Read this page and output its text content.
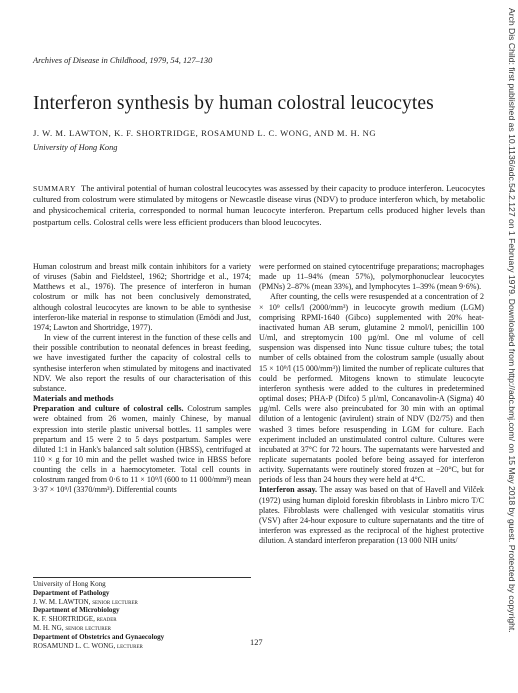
Archives of Disease in Childhood, 1979, 54, 127–130
Interferon synthesis by human colostral leucocytes
J. W. M. LAWTON, K. F. SHORTRIDGE, ROSAMUND L. C. WONG, AND M. H. NG
University of Hong Kong
SUMMARY The antiviral potential of human colostral leucocytes was assessed by their capacity to produce interferon. Leucocytes cultured from colostrum were stimulated by mitogens or Newcastle disease virus (NDV) to produce interferon which, by metabolic and physicochemical criteria, corresponded to normal human leucocyte interferon. Prepartum cells produced higher levels than postpartum cells. Colostral cells were less efficient producers than blood leucocytes.

Human colostrum and breast milk contain inhibitors for a variety of viruses (Sabin and Fieldsteel, 1962; Shortridge et al., 1974; Matthews et al., 1976). The presence of interferon in human colostrum or milk has not been conclusively demonstrated, although colostral leucocytes are known to be able to synthesise interferon-like material in response to stimulation (Emödi and Just, 1974; Lawton and Shortridge, 1977).

In view of the current interest in the function of these cells and their possible contribution to neonatal defences in breast feeding, we have investigated further the capacity of colostral cells to synthesise interferon when stimulated by mitogens and inactivated NDV. We also report the results of our characterisation of this substance.

Materials and methods

Preparation and culture of colostral cells. Colostrum samples were obtained from 26 women, mainly Chinese, by manual expression into sterile plastic universal bottles. 11 samples were prepartum and 15 were 2 to 5 days postpartum. Samples were diluted 1:1 in Hank's balanced salt solution (HBSS), centrifuged at 110 × g for 10 min and the pellet washed twice in HBSS before counting the cells in a haemocytometer. Total cell counts in colostrum ranged from 0·6 to 11 × 10⁹/l (600 to 11 000/mm³) mean 3·37 × 10⁹/l (3370/mm³). Differential counts

University of Hong Kong
Department of Pathology
J. W. M. LAWTON, senior lecturer
Department of Microbiology
K. F. SHORTRIDGE, reader
M. H. NG, senior lecturer
Department of Obstetrics and Gynaecology
ROSAMUND L. C. WONG, lecturer

were performed on stained cytocentrifuge preparations; macrophages made up 11–94% (mean 57%), polymorphonuclear leucocytes (PMNs) 2–87% (mean 33%), and lymphocytes 1–39% (mean 9·6%).

After counting, the cells were resuspended at a concentration of 2 × 10⁹ cells/l (2000/mm³) in leucocyte growth medium (LGM) comprising RPMI-1640 (Gibco) supplemented with 20% heat-inactivated human AB serum, glutamine 2 mmol/l, penicillin 100 U/ml, and streptomycin 100 µg/ml. One ml volume of cell suspension was dispensed into Nunc tissue culture tubes; the total number of cells obtained from the colostrum sample (usually about 15 × 10⁹/l (15 000/mm³)) limited the number of replicate cultures that could be performed. Mitogens known to stimulate leucocyte interferon synthesis were added to the cultures in predetermined optimal doses; PHA-P (Difco) 5 µl/ml, Concanavolin-A (Sigma) 40 µg/ml. Cells were also preincubated for 30 min with an optimal dilution of a lentogenic (avirulent) strain of NDV (D2/75) and then washed 3 times before resuspending in LGM for culture. Each experiment included an unstimulated control culture. Cultures were incubated at 37°C for 72 hours. The supernatants were harvested and replicate supernatants pooled before being assayed for interferon activity. Supernatants were routinely stored frozen at −20°C, but for periods of less than 24 hours they were held at 4°C.

Interferon assay. The assay was based on that of Havell and Vilček (1972) using human diploid foreskin fibroblasts in Linbro micro T/C plates. Fibroblasts were challenged with vesicular stomatitis virus (VSV) after 24-hour exposure to culture supernatants and the titre of interferon was expressed as the reciprocal of the highest protective dilution. A standard interferon preparation (13 000 NIH units/

127
Arch Dis Child: first published as 10.1136/adc.54.2.127 on 1 February 1979. Downloaded from http://adc.bmj.com/ on 15 May 2018 by guest. Protected by copyright.
